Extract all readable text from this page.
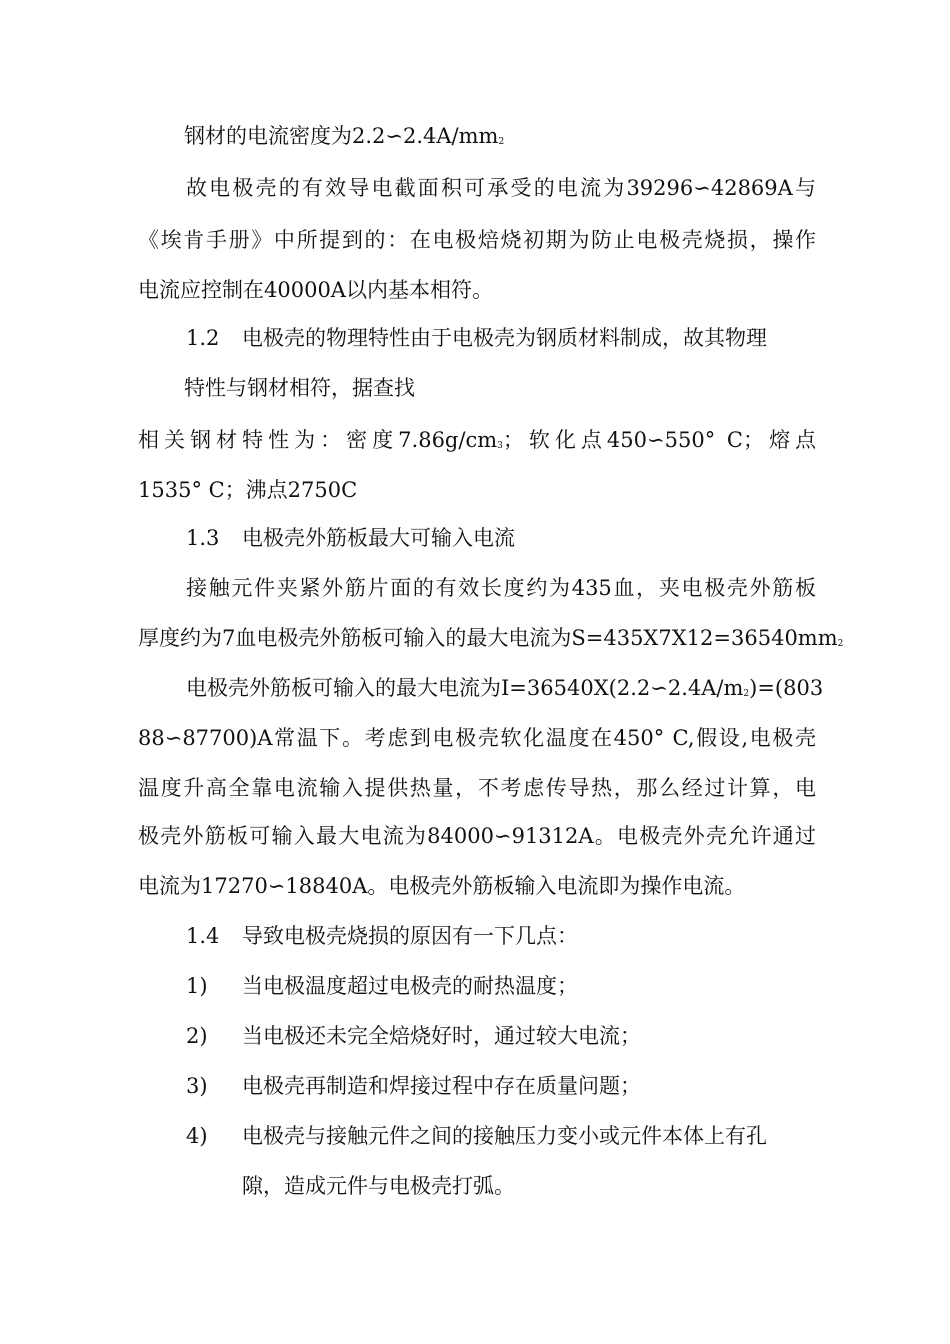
钢材的电流密度为$2.2∽2.4A/mm_2$
故电极壳的有效导电截面积可承受的电流为39296∽42869A与
《埃肯手册》中所提到的：在电极焙烧初期为防止电极壳烧损，操作
电流应控制在40000A以内基本相符。
1.2 电极壳的物理特性由于电极壳为钢质材料制成，故其物理
特性与钢材相符，据查找
相关钢材特性为：密度$7.86g/cm_3$；软化点450∽550° C；熔点
1535° C；沸点2750C
1.3 电极壳外筋板最大可输入电流
接触元件夹紧外筋片面的有效长度约为435血，夹电极壳外筋板
厚度约为7血电极壳外筋板可输入的最大电流为$S=435X7X12=36540mm_2$
电极壳外筋板可输入的最大电流为$I=36540X(2.2∽2.4A/m_2)=(803$
88∽87700)A常温下。考虑到电极壳软化温度在450° C,假设,电极壳
温度升高全靠电流输入提供热量，不考虑传导热，那么经过计算，电
极壳外筋板可输入最大电流为84000∽91312A。电极壳外壳允许通过
电流为17270∽18840A。电极壳外筋板输入电流即为操作电流。
1.4 导致电极壳烧损的原因有一下几点：
1) 当电极温度超过电极壳的耐热温度；
2) 当电极还未完全焙烧好时，通过较大电流；
3) 电极壳再制造和焊接过程中存在质量问题；
4) 电极壳与接触元件之间的接触压力变小或元件本体上有孔
隙，造成元件与电极壳打弧。
